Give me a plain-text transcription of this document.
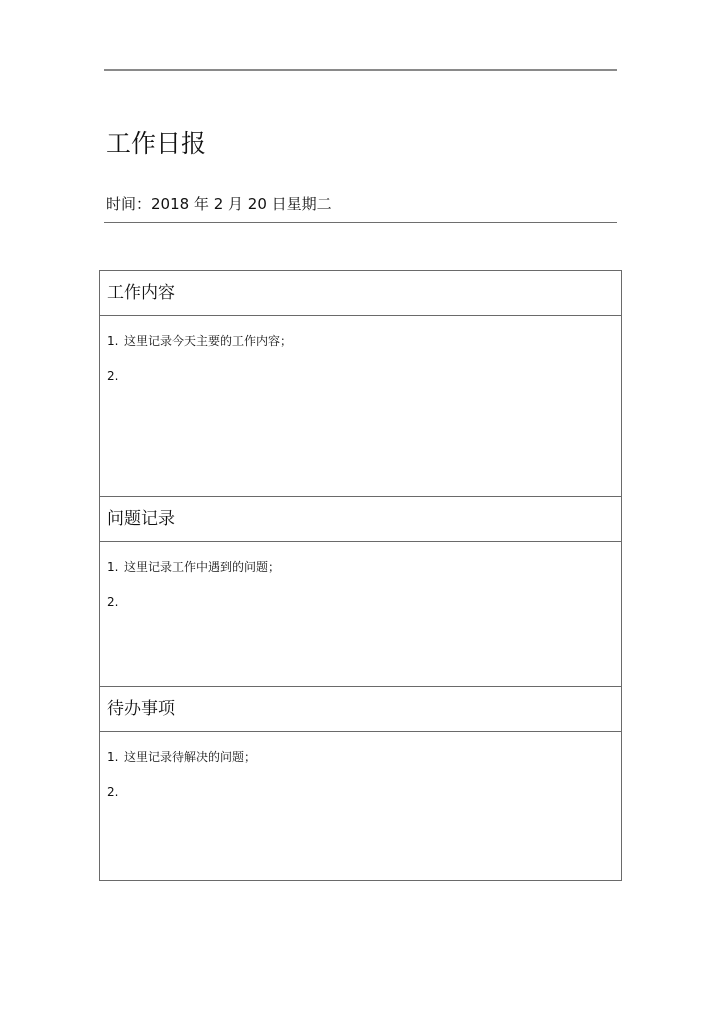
工作日报
时间：2018 年 2 月 20 日星期二
工作内容
1. 这里记录今天主要的工作内容；
2.
问题记录
1. 这里记录工作中遇到的问题；
2.
待办事项
1. 这里记录待解决的问题；
2.
